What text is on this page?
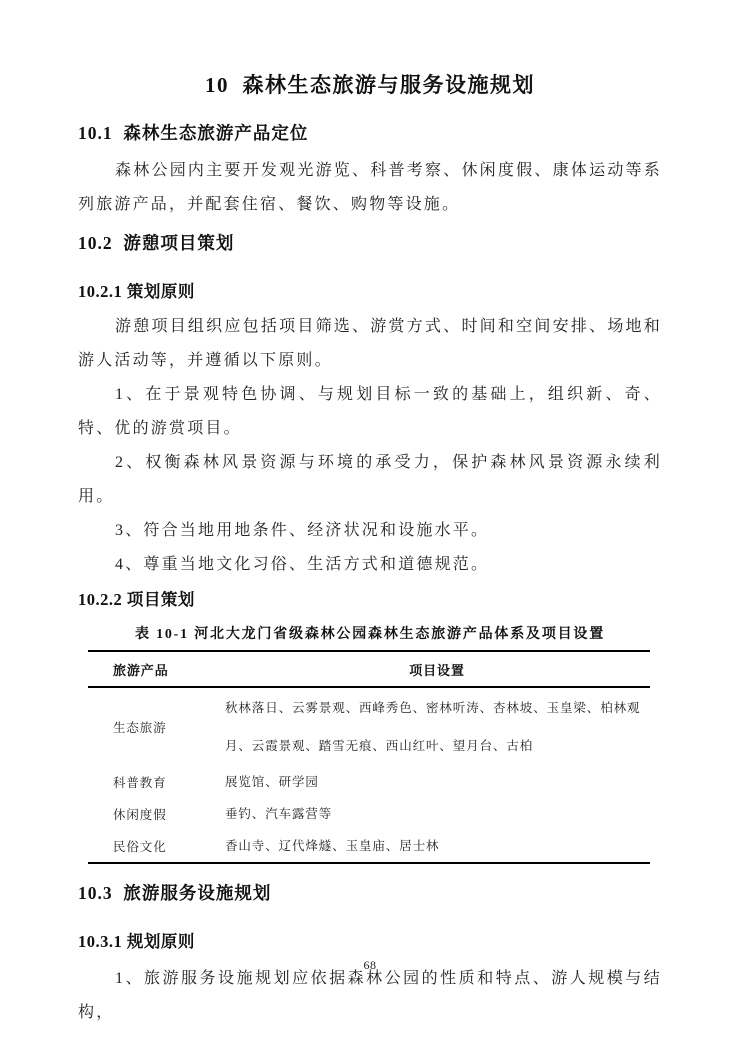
10  森林生态旅游与服务设施规划
10.1  森林生态旅游产品定位

森林公园内主要开发观光游览、科普考察、休闲度假、康体运动等系列旅游产品，并配套住宿、餐饮、购物等设施。

10.2  游憩项目策划
10.2.1 策划原则

游憩项目组织应包括项目筛选、游赏方式、时间和空间安排、场地和游人活动等，并遵循以下原则。

1、在于景观特色协调、与规划目标一致的基础上，组织新、奇、特、优的游赏项目。

2、权衡森林风景资源与环境的承受力，保护森林风景资源永续利用。

3、符合当地用地条件、经济状况和设施水平。

4、尊重当地文化习俗、生活方式和道德规范。

10.2.2 项目策划
表 10-1 河北大龙门省级森林公园森林生态旅游产品体系及项目设置
旅游产品	项目设置
生态旅游	秋林落日、云雾景观、西峰秀色、密林听涛、杏林坡、玉皇梁、柏林观月、云霞景观、踏雪无痕、西山红叶、望月台、古柏
科普教育	展览馆、研学园
休闲度假	垂钓、汽车露营等
民俗文化	香山寺、辽代烽燧、玉皇庙、居士林
10.3  旅游服务设施规划
10.3.1 规划原则

1、旅游服务设施规划应依据森林公园的性质和特点、游人规模与结构，

68
